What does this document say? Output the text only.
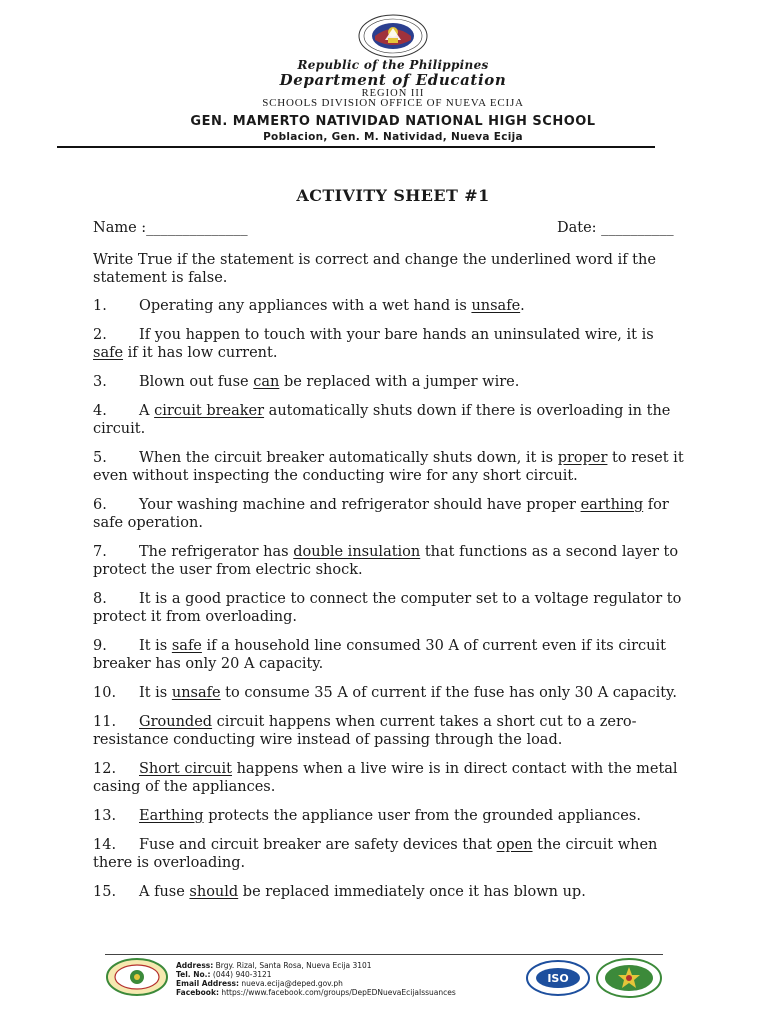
Republic of the Philippines
Department of Education
REGION III
SCHOOLS DIVISION OFFICE OF NUEVA ECIJA
GEN. MAMERTO NATIVIDAD NATIONAL HIGH SCHOOL
Poblacion, Gen. M. Natividad, Nueva Ecija
ACTIVITY SHEET #1
Name :______________	Date: __________
Write True if the statement is correct and change the underlined word if the statement is false.
1. Operating any appliances with a wet hand is unsafe.
2. If you happen to touch with your bare hands an uninsulated wire, it is safe if it has low current.
3. Blown out fuse can be replaced with a jumper wire.
4. A circuit breaker automatically shuts down if there is overloading in the circuit.
5. When the circuit breaker automatically shuts down, it is proper to reset it even without inspecting the conducting wire for any short circuit.
6. Your washing machine and refrigerator should have proper earthing for safe operation.
7. The refrigerator has double insulation that functions as a second layer to protect the user from electric shock.
8. It is a good practice to connect the computer set to a voltage regulator to protect it from overloading.
9. It is safe if a household line consumed 30 A of current even if its circuit breaker has only 20 A capacity.
10. It is unsafe to consume 35 A of current if the fuse has only 30 A capacity.
11. Grounded circuit happens when current takes a short cut to a zero-resistance conducting wire instead of passing through the load.
12. Short circuit happens when a live wire is in direct contact with the metal casing of the appliances.
13. Earthing protects the appliance user from the grounded appliances.
14. Fuse and circuit breaker are safety devices that open the circuit when there is overloading.
15. A fuse should be replaced immediately once it has blown up.
Address: Brgy. Rizal, Santa Rosa, Nueva Ecija 3101
Tel. No.: (044) 940-3121
Email Address: nueva.ecija@deped.gov.ph
Facebook: https://www.facebook.com/groups/DepEDNuevaEcijaIssuances
ISO
